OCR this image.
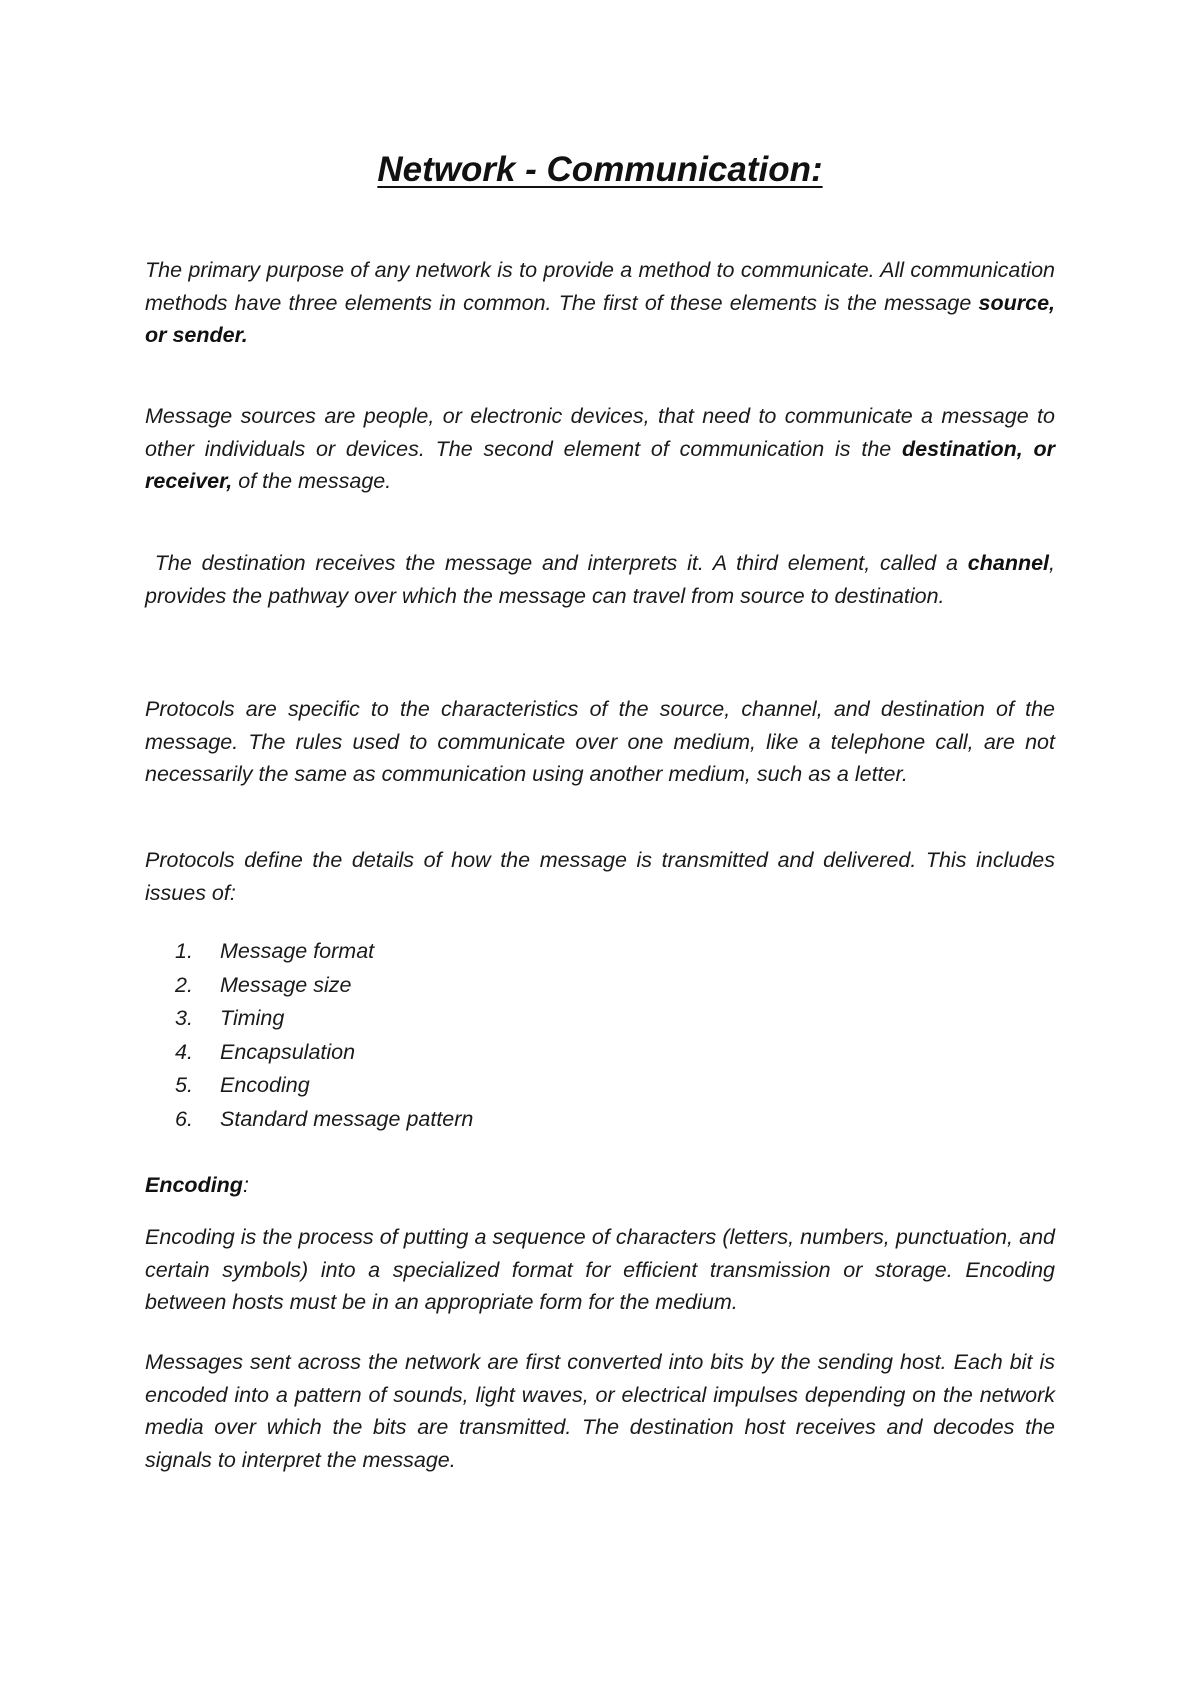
Network - Communication:
The primary purpose of any network is to provide a method to communicate. All communication methods have three elements in common. The first of these elements is the message source, or sender.
Message sources are people, or electronic devices, that need to communicate a message to other individuals or devices. The second element of communication is the destination, or receiver, of the message.
The destination receives the message and interprets it. A third element, called a channel, provides the pathway over which the message can travel from source to destination.
Protocols are specific to the characteristics of the source, channel, and destination of the message. The rules used to communicate over one medium, like a telephone call, are not necessarily the same as communication using another medium, such as a letter.
Protocols define the details of how the message is transmitted and delivered. This includes issues of:
1.	Message format
2.	Message size
3.	Timing
4.	Encapsulation
5.	Encoding
6.	Standard message pattern
Encoding:
Encoding is the process of putting a sequence of characters (letters, numbers, punctuation, and certain symbols) into a specialized format for efficient transmission or storage. Encoding between hosts must be in an appropriate form for the medium.
Messages sent across the network are first converted into bits by the sending host. Each bit is encoded into a pattern of sounds, light waves, or electrical impulses depending on the network media over which the bits are transmitted. The destination host receives and decodes the signals to interpret the message.
